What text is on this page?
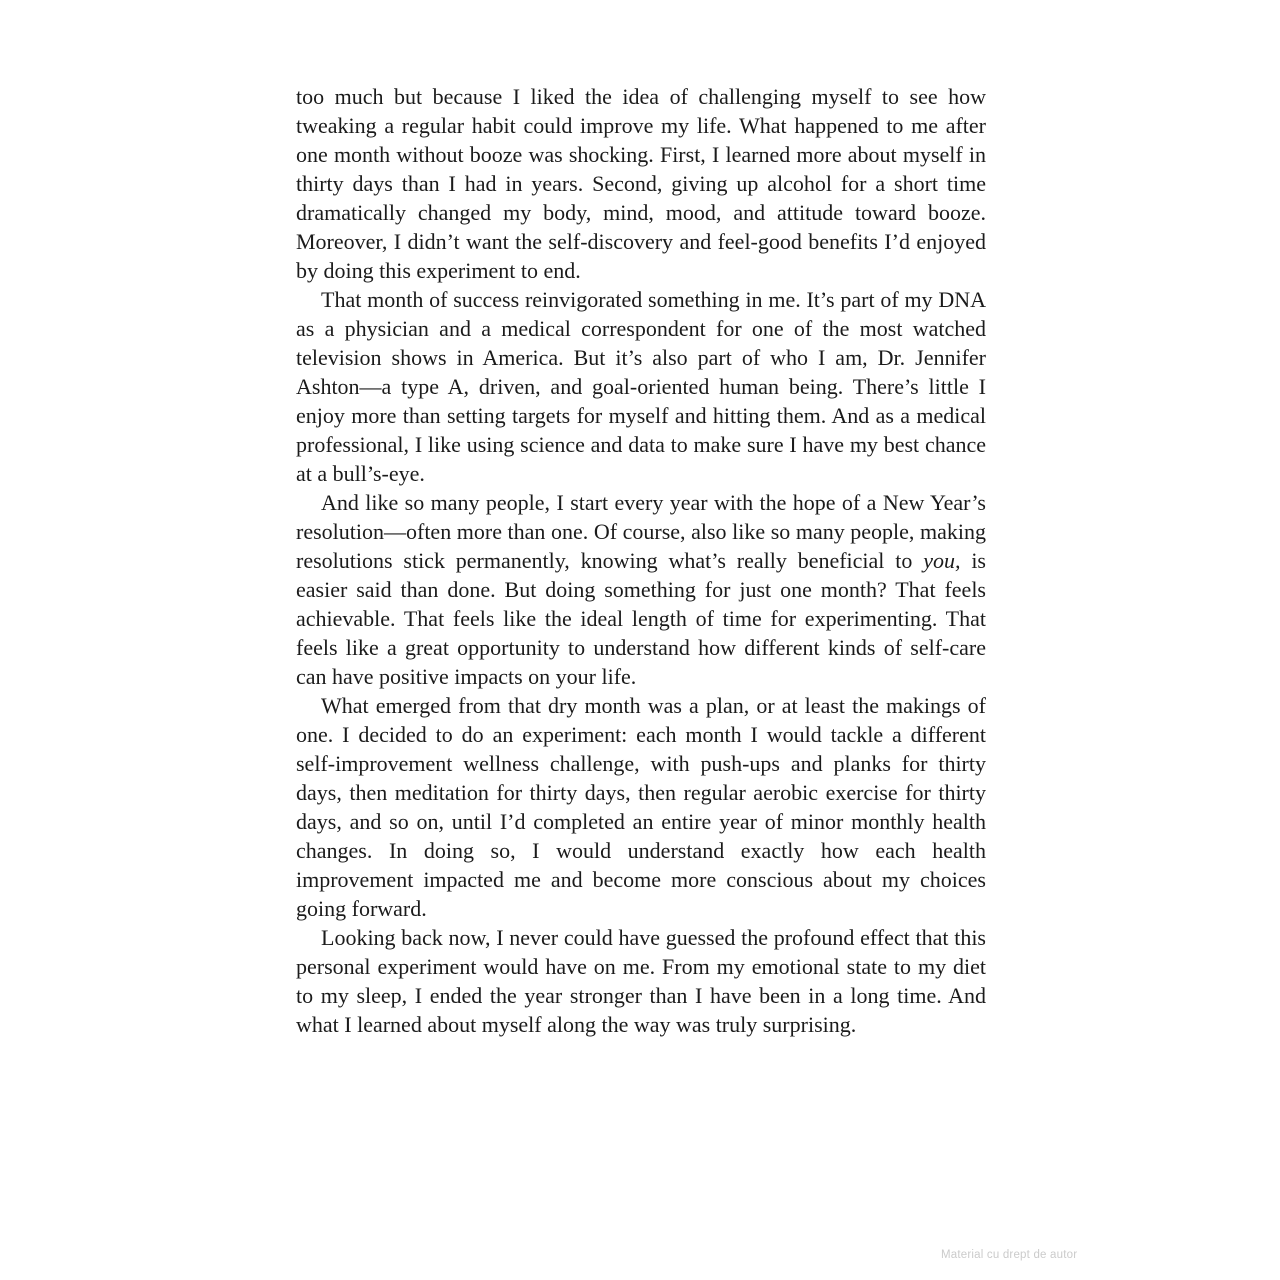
too much but because I liked the idea of challenging myself to see how tweaking a regular habit could improve my life. What happened to me after one month without booze was shocking. First, I learned more about myself in thirty days than I had in years. Second, giving up alcohol for a short time dramatically changed my body, mind, mood, and attitude toward booze. Moreover, I didn’t want the self-discovery and feel-good benefits I’d enjoyed by doing this experiment to end.

That month of success reinvigorated something in me. It’s part of my DNA as a physician and a medical correspondent for one of the most watched television shows in America. But it’s also part of who I am, Dr. Jennifer Ashton—a type A, driven, and goal-oriented human being. There’s little I enjoy more than setting targets for myself and hitting them. And as a medical professional, I like using science and data to make sure I have my best chance at a bull’s-eye.

And like so many people, I start every year with the hope of a New Year’s resolution—often more than one. Of course, also like so many people, making resolutions stick permanently, knowing what’s really beneficial to you, is easier said than done. But doing something for just one month? That feels achievable. That feels like the ideal length of time for experimenting. That feels like a great opportunity to understand how different kinds of self-care can have positive impacts on your life.

What emerged from that dry month was a plan, or at least the makings of one. I decided to do an experiment: each month I would tackle a different self-improvement wellness challenge, with push-ups and planks for thirty days, then meditation for thirty days, then regular aerobic exercise for thirty days, and so on, until I’d completed an entire year of minor monthly health changes. In doing so, I would understand exactly how each health improvement impacted me and become more conscious about my choices going forward.

Looking back now, I never could have guessed the profound effect that this personal experiment would have on me. From my emotional state to my diet to my sleep, I ended the year stronger than I have been in a long time. And what I learned about myself along the way was truly surprising.

Material cu drept de autor
